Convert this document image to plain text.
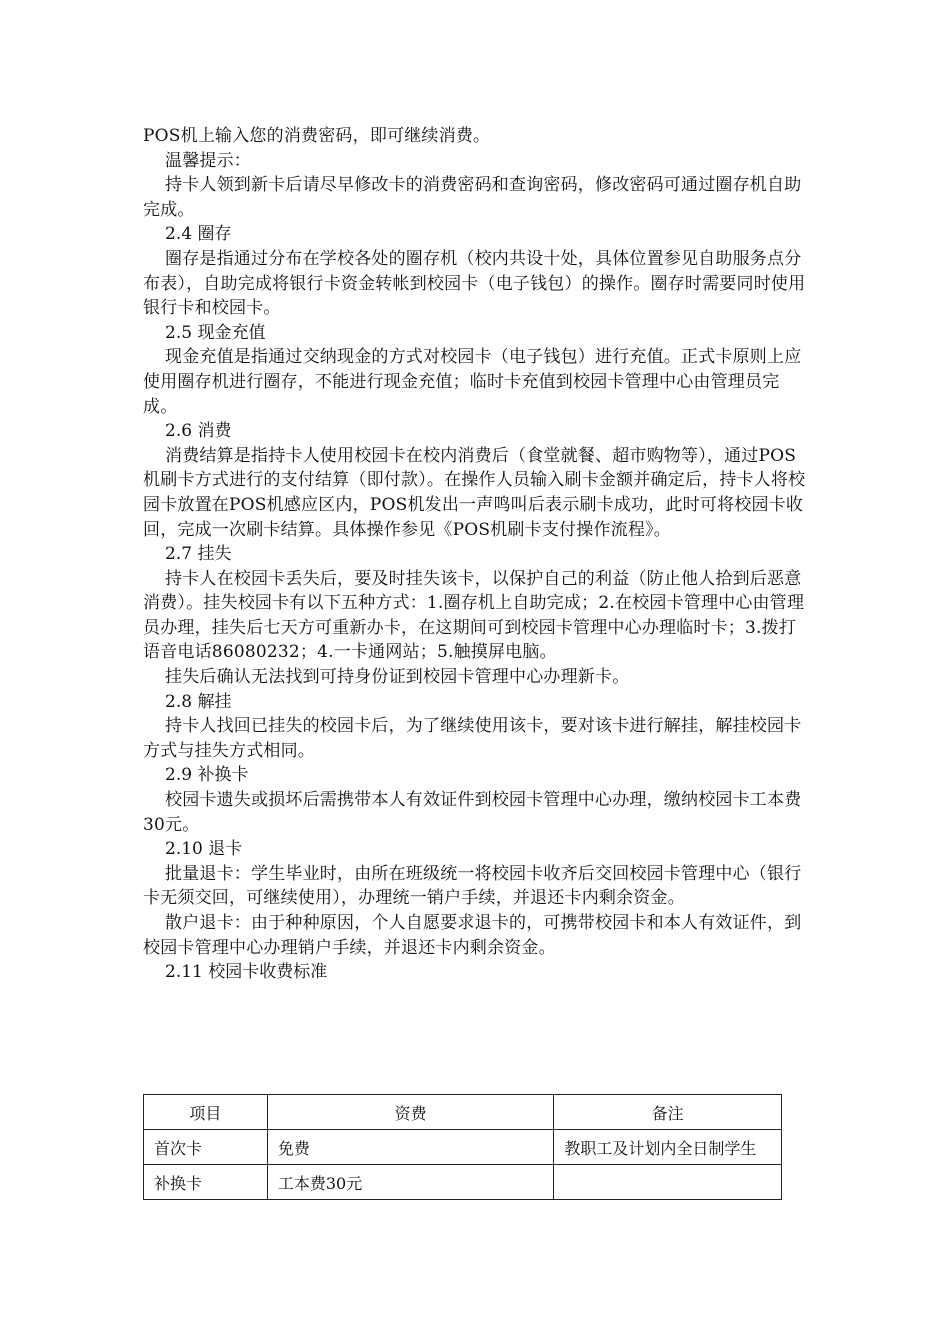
POS机上输入您的消费密码，即可继续消费。

温馨提示：

持卡人领到新卡后请尽早修改卡的消费密码和查询密码，修改密码可通过圈存机自助完成。

2.4 圈存

圈存是指通过分布在学校各处的圈存机（校内共设十处，具体位置参见自助服务点分布表），自助完成将银行卡资金转帐到校园卡（电子钱包）的操作。圈存时需要同时使用银行卡和校园卡。

2.5 现金充值

现金充值是指通过交纳现金的方式对校园卡（电子钱包）进行充值。正式卡原则上应使用圈存机进行圈存，不能进行现金充值；临时卡充值到校园卡管理中心由管理员完成。

2.6 消费

消费结算是指持卡人使用校园卡在校内消费后（食堂就餐、超市购物等），通过POS机刷卡方式进行的支付结算（即付款）。在操作人员输入刷卡金额并确定后，持卡人将校园卡放置在POS机感应区内，POS机发出一声鸣叫后表示刷卡成功，此时可将校园卡收回，完成一次刷卡结算。具体操作参见《POS机刷卡支付操作流程》。

2.7 挂失

持卡人在校园卡丢失后，要及时挂失该卡，以保护自己的利益（防止他人拾到后恶意消费）。挂失校园卡有以下五种方式：1.圈存机上自助完成；2.在校园卡管理中心由管理员办理，挂失后七天方可重新办卡，在这期间可到校园卡管理中心办理临时卡；3.拨打语音电话86080232；4.一卡通网站；5.触摸屏电脑。

挂失后确认无法找到可持身份证到校园卡管理中心办理新卡。

2.8 解挂

持卡人找回已挂失的校园卡后，为了继续使用该卡，要对该卡进行解挂，解挂校园卡方式与挂失方式相同。

2.9 补换卡

校园卡遗失或损坏后需携带本人有效证件到校园卡管理中心办理，缴纳校园卡工本费30元。

2.10 退卡

批量退卡：学生毕业时，由所在班级统一将校园卡收齐后交回校园卡管理中心（银行卡无须交回，可继续使用），办理统一销户手续，并退还卡内剩余资金。

散户退卡：由于种种原因，个人自愿要求退卡的，可携带校园卡和本人有效证件，到校园卡管理中心办理销户手续，并退还卡内剩余资金。

2.11 校园卡收费标准

项目	资费	备注
首次卡	免费	教职工及计划内全日制学生
补换卡	工本费30元	
